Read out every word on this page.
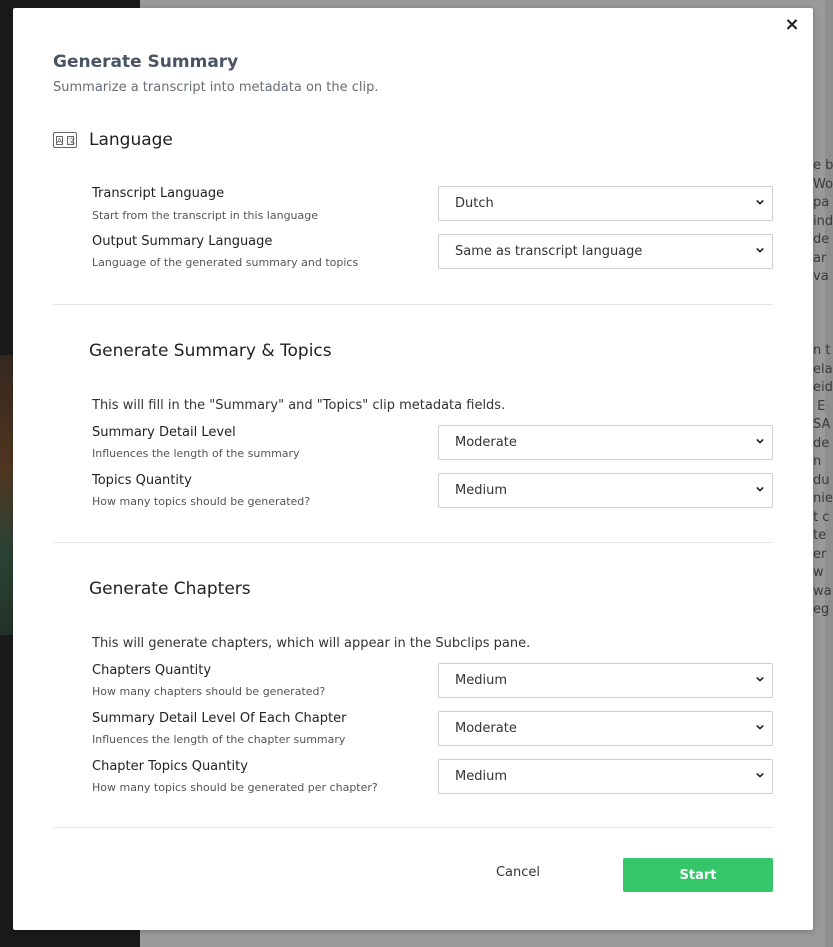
e b
Wo
pa
ind
de
ar
va
n t
ela
eid
E
SA
de
n
du
nie
t c
te
er
w
wa
eg
×
Generate Summary
Summarize a transcript into metadata on the clip.
A 文 Language
Transcript Language
Start from the transcript in this language
Dutch
Output Summary Language
Language of the generated summary and topics
Same as transcript language
Generate Summary & Topics
This will fill in the "Summary" and "Topics" clip metadata fields.
Summary Detail Level
Influences the length of the summary
Moderate
Topics Quantity
How many topics should be generated?
Medium
Generate Chapters
This will generate chapters, which will appear in the Subclips pane.
Chapters Quantity
How many chapters should be generated?
Medium
Summary Detail Level Of Each Chapter
Influences the length of the chapter summary
Moderate
Chapter Topics Quantity
How many topics should be generated per chapter?
Medium
Cancel	Start
